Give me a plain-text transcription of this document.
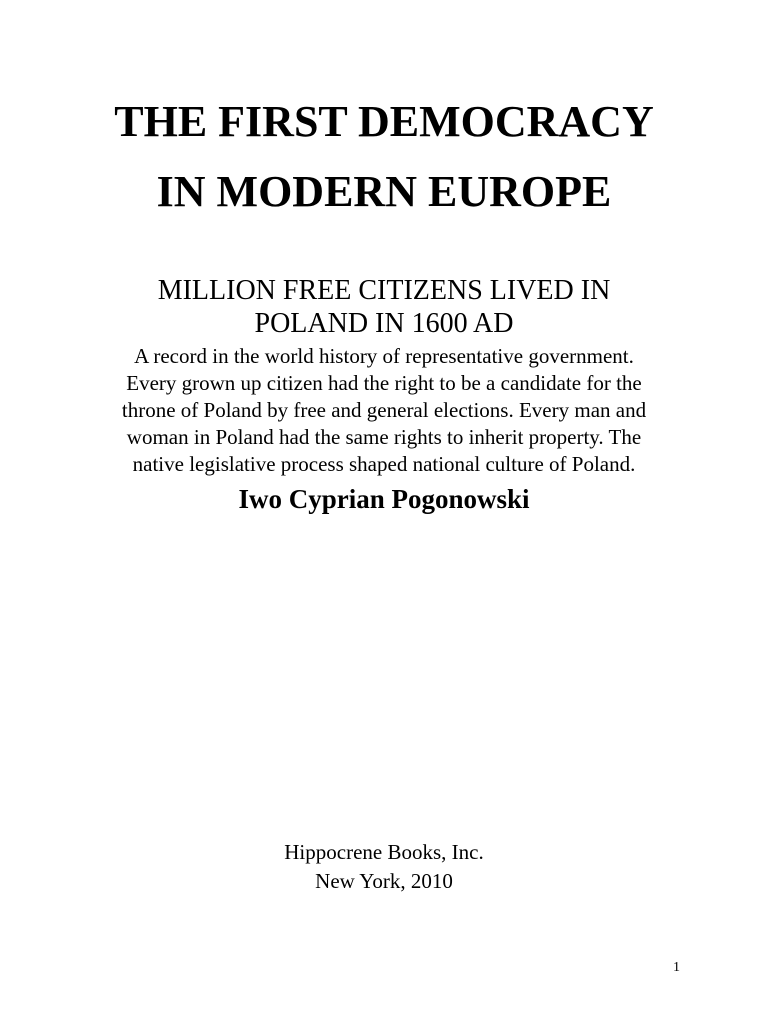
THE FIRST DEMOCRACY
IN MODERN EUROPE
MILLION FREE CITIZENS LIVED IN
POLAND IN 1600 AD
A record in the world history of representative government.
Every grown up citizen had the right to be a candidate for the
throne of Poland by free and general elections. Every man and
woman in Poland had the same rights to inherit property. The
native legislative process shaped national culture of Poland.
Iwo Cyprian Pogonowski
Hippocrene Books, Inc.
New York, 2010
1
